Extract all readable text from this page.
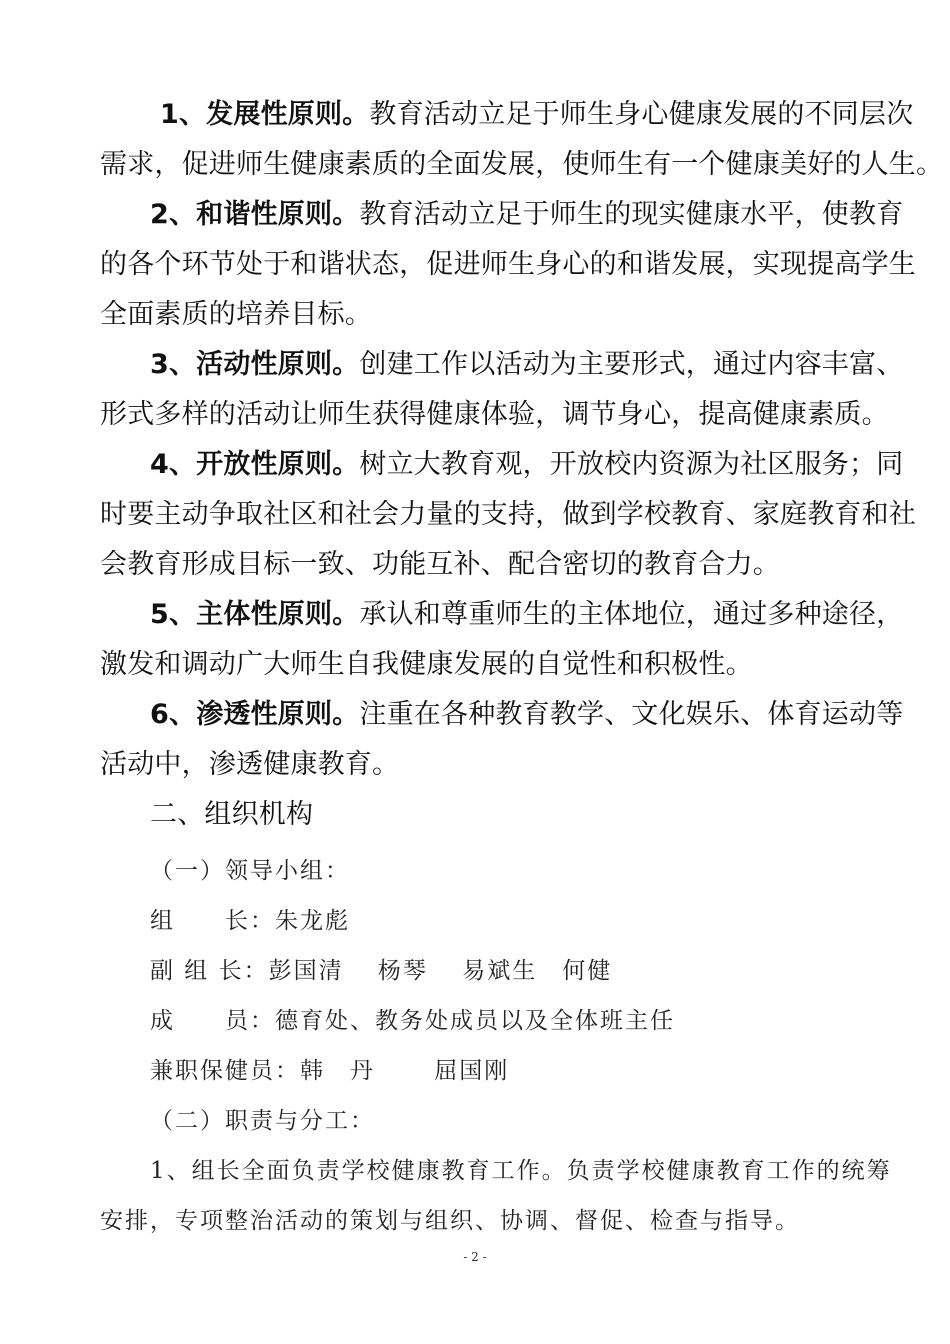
1、发展性原则。教育活动立足于师生身心健康发展的不同层次
需求，促进师生健康素质的全面发展，使师生有一个健康美好的人生。
2、和谐性原则。教育活动立足于师生的现实健康水平，使教育
的各个环节处于和谐状态，促进师生身心的和谐发展，实现提高学生
全面素质的培养目标。
3、活动性原则。创建工作以活动为主要形式，通过内容丰富、
形式多样的活动让师生获得健康体验，调节身心，提高健康素质。
4、开放性原则。树立大教育观，开放校内资源为社区服务；同
时要主动争取社区和社会力量的支持，做到学校教育、家庭教育和社
会教育形成目标一致、功能互补、配合密切的教育合力。
5、主体性原则。承认和尊重师生的主体地位，通过多种途径，
激发和调动广大师生自我健康发展的自觉性和积极性。
6、渗透性原则。注重在各种教育教学、文化娱乐、体育运动等
活动中，渗透健康教育。
二、组织机构
（一）领导小组：
组　　长：朱龙彪
副 组 长：彭国清　 杨琴　 易斌生　何健
成　　员：德育处、教务处成员以及全体班主任
兼职保健员：韩　丹　　 屈国刚
（二）职责与分工：
1、组长全面负责学校健康教育工作。负责学校健康教育工作的统筹
安排，专项整治活动的策划与组织、协调、督促、检查与指导。
- 2 -
